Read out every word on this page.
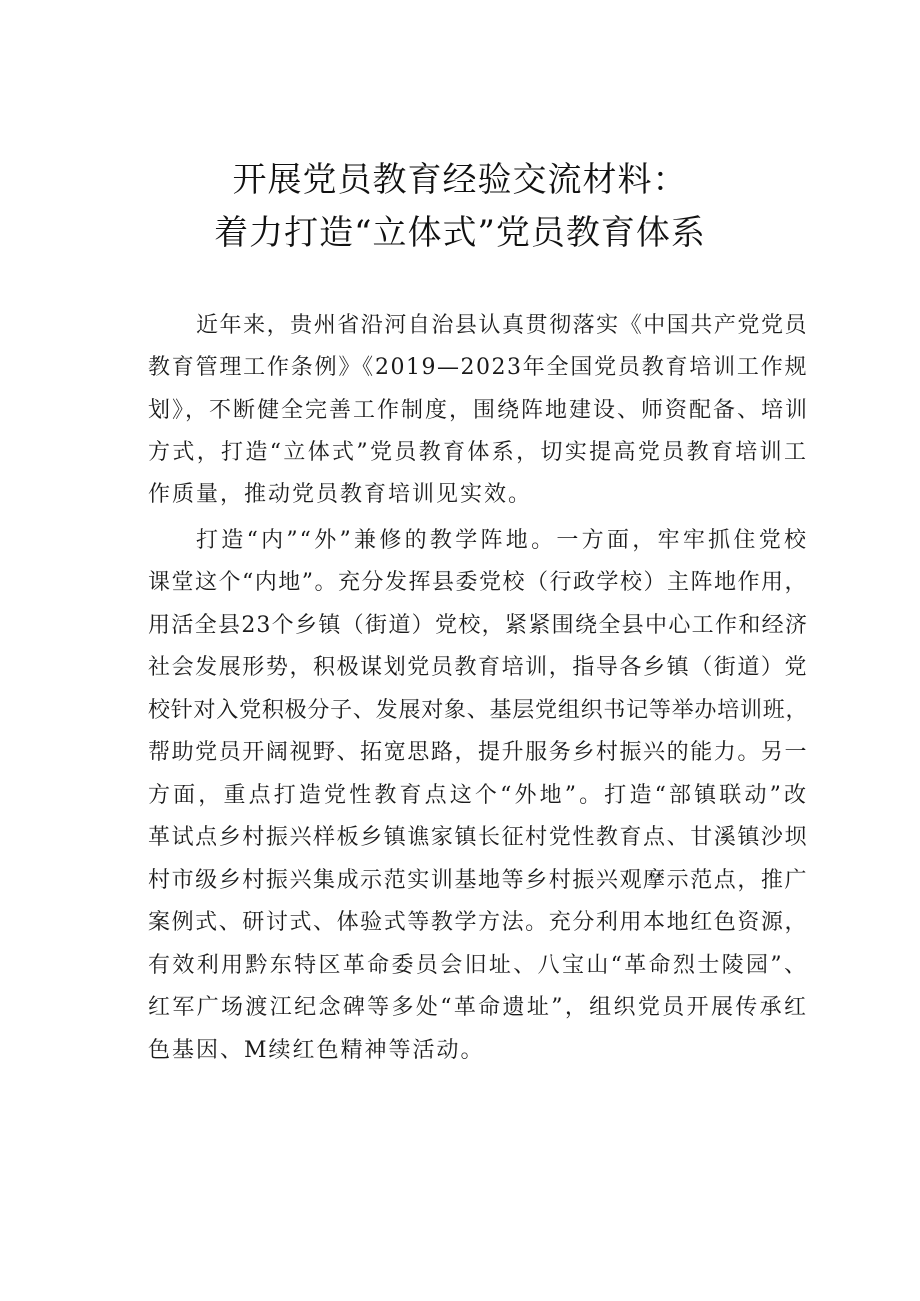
开展党员教育经验交流材料：
着力打造“立体式”党员教育体系
近年来，贵州省沿河自治县认真贯彻落实《中国共产党党员
教育管理工作条例》《2019—2023年全国党员教育培训工作规
划》，不断健全完善工作制度，围绕阵地建设、师资配备、培训
方式，打造“立体式”党员教育体系，切实提高党员教育培训工
作质量，推动党员教育培训见实效。
打造“内”“外”兼修的教学阵地。一方面，牢牢抓住党校
课堂这个“内地”。充分发挥县委党校（行政学校）主阵地作用，
用活全县23个乡镇（街道）党校，紧紧围绕全县中心工作和经济
社会发展形势，积极谋划党员教育培训，指导各乡镇（街道）党
校针对入党积极分子、发展对象、基层党组织书记等举办培训班，
帮助党员开阔视野、拓宽思路，提升服务乡村振兴的能力。另一
方面，重点打造党性教育点这个“外地”。打造“部镇联动”改
革试点乡村振兴样板乡镇谯家镇长征村党性教育点、甘溪镇沙坝
村市级乡村振兴集成示范实训基地等乡村振兴观摩示范点，推广
案例式、研讨式、体验式等教学方法。充分利用本地红色资源，
有效利用黔东特区革命委员会旧址、八宝山“革命烈士陵园”、
红军广场渡江纪念碑等多处“革命遗址”，组织党员开展传承红
色基因、M续红色精神等活动。
